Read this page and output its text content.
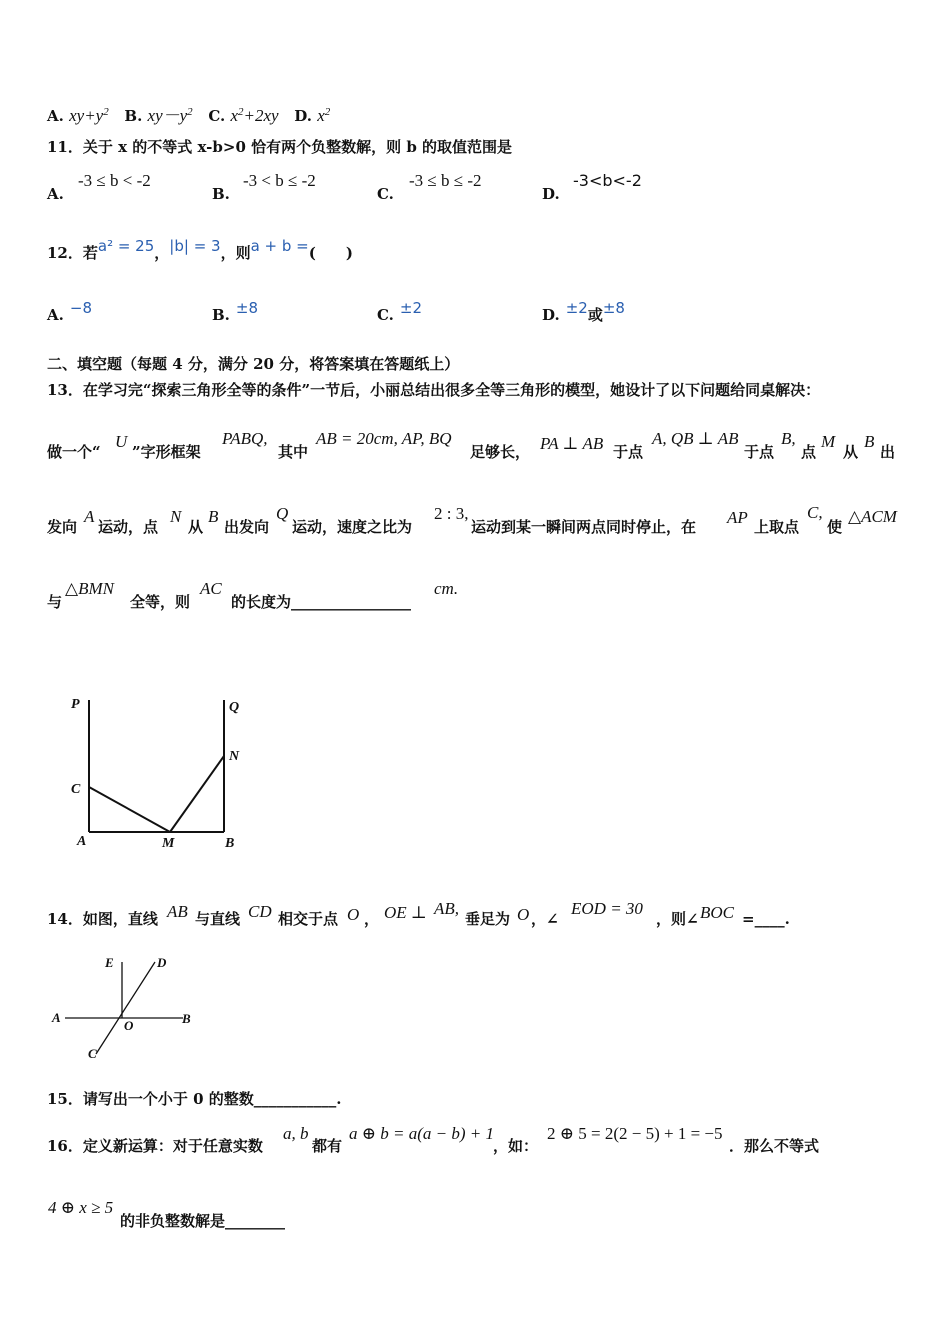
A. $xy+y^2$ B. $xy-y^2$ C. $x^2+2xy$ D. $x^2$
11．关于 x 的不等式 x-b>0 恰有两个负整数解，则 b 的取值范围是
A.
-3 ≤ b < -2
B.
-3 < b ≤ -2
C.
-3 ≤ b ≤ -2
D.
-3<b<-2
12．若a² = 25，|b| = 3，则a + b =(　　)
A. −8	B. ±8	C. ±2	D. ±2或±8
二、填空题（每题 4 分，满分 20 分，将答案填在答题纸上）
13．在学习完“探索三角形全等的条件”一节后，小丽总结出很多全等三角形的模型，她设计了以下问题给同桌解决：
做一个“
U
”字形框架
PABQ,
其中
AB = 20cm, AP, BQ
足够长， PA ⊥ AB 于点
A, QB ⊥ AB
于点
B,
点
M
从
B
出
发向
A
运动，点
N
从
B
出发向
Q
运动，速度之比为
2 : 3,
运动到某一瞬间两点同时停止，在 AP 上取点
C,
使
△ACM
与
△BMN
全等，则
AC
的长度为________________
cm.
P	Q
N
C
A	M	B
14．如图，直线 AB 与直线 CD 相交于点 O ， OE ⊥ AB,
垂足为 O ，∠
EOD = 30
，则∠ BOC =____.
E	D
A
O	B
C
15．请写出一个小于 0 的整数___________.
16．定义新运算：对于任意实数
a, b
都有
a ⊕ b = a(a − b) + 1
，如：
2 ⊕ 5 = 2(2 − 5) + 1 = −5
．那么不等式
4 ⊕ x ≥ 5
的非负整数解是________
